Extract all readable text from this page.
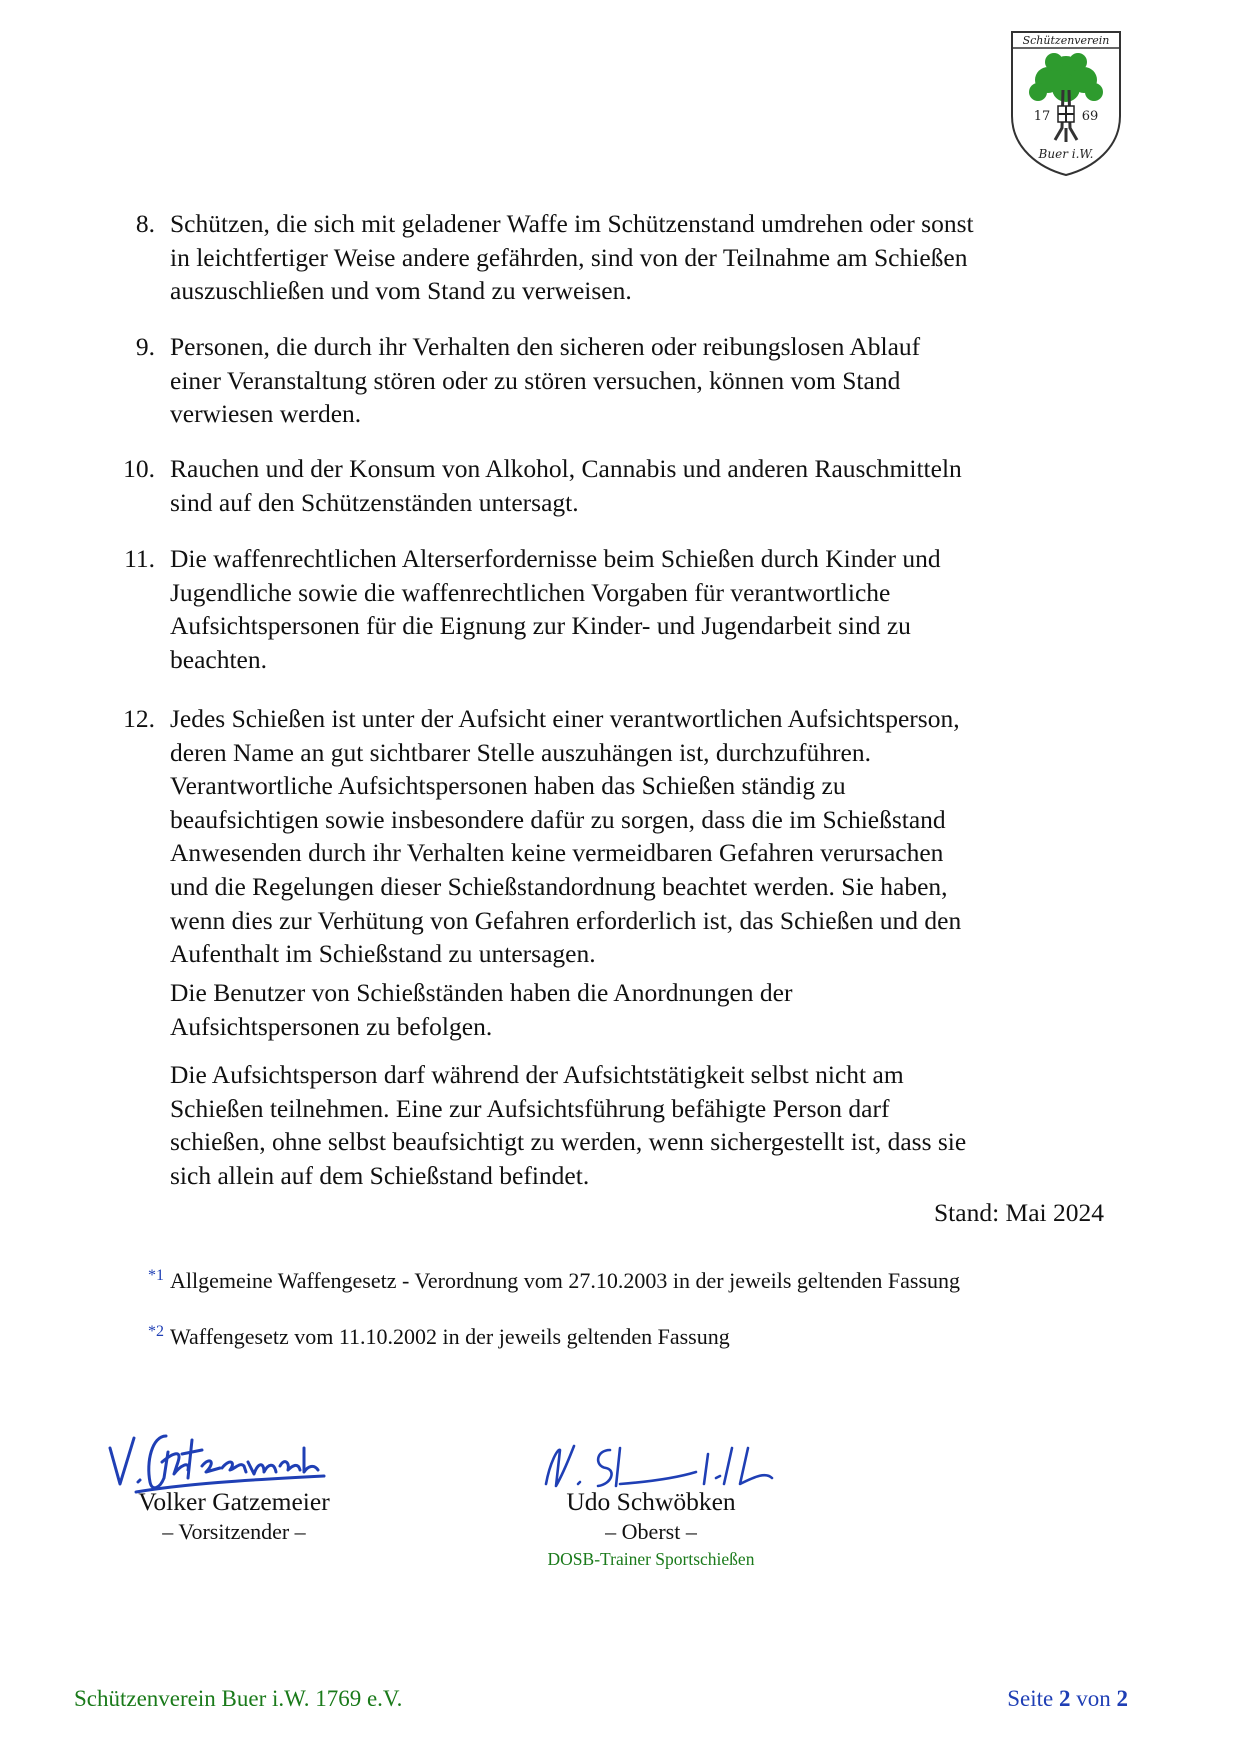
Schützenverein
17 69
Buer i.W.
8. Schützen, die sich mit geladener Waffe im Schützenstand umdrehen oder sonst
in leichtfertiger Weise andere gefährden, sind von der Teilnahme am Schießen
auszuschließen und vom Stand zu verweisen.
9. Personen, die durch ihr Verhalten den sicheren oder reibungslosen Ablauf
einer Veranstaltung stören oder zu stören versuchen, können vom Stand
verwiesen werden.
10. Rauchen und der Konsum von Alkohol, Cannabis und anderen Rauschmitteln
sind auf den Schützenständen untersagt.
11. Die waffenrechtlichen Alterserfordernisse beim Schießen durch Kinder und
Jugendliche sowie die waffenrechtlichen Vorgaben für verantwortliche
Aufsichtspersonen für die Eignung zur Kinder- und Jugendarbeit sind zu
beachten.
12. Jedes Schießen ist unter der Aufsicht einer verantwortlichen Aufsichtsperson,
deren Name an gut sichtbarer Stelle auszuhängen ist, durchzuführen.
Verantwortliche Aufsichtspersonen haben das Schießen ständig zu
beaufsichtigen sowie insbesondere dafür zu sorgen, dass die im Schießstand
Anwesenden durch ihr Verhalten keine vermeidbaren Gefahren verursachen
und die Regelungen dieser Schießstandordnung beachtet werden. Sie haben,
wenn dies zur Verhütung von Gefahren erforderlich ist, das Schießen und den
Aufenthalt im Schießstand zu untersagen.
Die Benutzer von Schießständen haben die Anordnungen der
Aufsichtspersonen zu befolgen.
Die Aufsichtsperson darf während der Aufsichtstätigkeit selbst nicht am
Schießen teilnehmen. Eine zur Aufsichtsführung befähigte Person darf
schießen, ohne selbst beaufsichtigt zu werden, wenn sichergestellt ist, dass sie
sich allein auf dem Schießstand befindet.
Stand: Mai 2024
$^{*1}$ Allgemeine Waffengesetz - Verordnung vom 27.10.2003 in der jeweils geltenden Fassung
$^{*2}$ Waffengesetz vom 11.10.2002 in der jeweils geltenden Fassung
Volker Gatzemeier
– Vorsitzender –
Udo Schwöbken
– Oberst –
DOSB-Trainer Sportschießen
Schützenverein Buer i.W. 1769 e.V.	Seite 2 von 2
